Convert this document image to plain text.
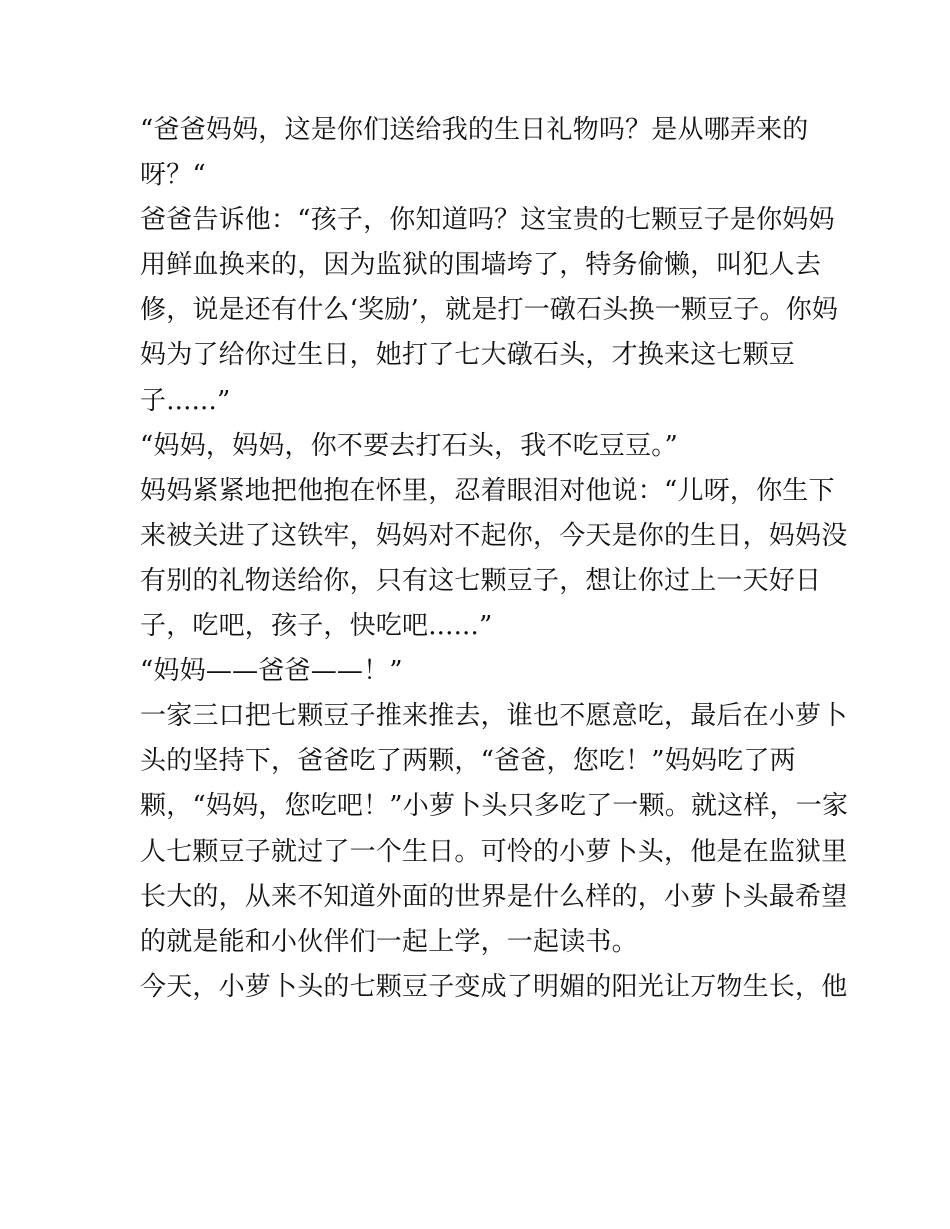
“爸爸妈妈，这是你们送给我的生日礼物吗？是从哪弄来的
呀？“
爸爸告诉他：“孩子，你知道吗？这宝贵的七颗豆子是你妈妈
用鲜血换来的，因为监狱的围墙垮了，特务偷懒，叫犯人去
修，说是还有什么‘奖励’，就是打一礅石头换一颗豆子。你妈
妈为了给你过生日，她打了七大礅石头，才换来这七颗豆
子......”
“妈妈，妈妈，你不要去打石头，我不吃豆豆。”
妈妈紧紧地把他抱在怀里，忍着眼泪对他说：“儿呀，你生下
来被关进了这铁牢，妈妈对不起你，今天是你的生日，妈妈没
有别的礼物送给你，只有这七颗豆子，想让你过上一天好日
子，吃吧，孩子，快吃吧......”
“妈妈——爸爸——！”
一家三口把七颗豆子推来推去，谁也不愿意吃，最后在小萝卜
头的坚持下，爸爸吃了两颗，“爸爸，您吃！”妈妈吃了两
颗，“妈妈，您吃吧！”小萝卜头只多吃了一颗。就这样，一家
人七颗豆子就过了一个生日。可怜的小萝卜头，他是在监狱里
长大的，从来不知道外面的世界是什么样的，小萝卜头最希望
的就是能和小伙伴们一起上学，一起读书。
今天，小萝卜头的七颗豆子变成了明媚的阳光让万物生长，他
